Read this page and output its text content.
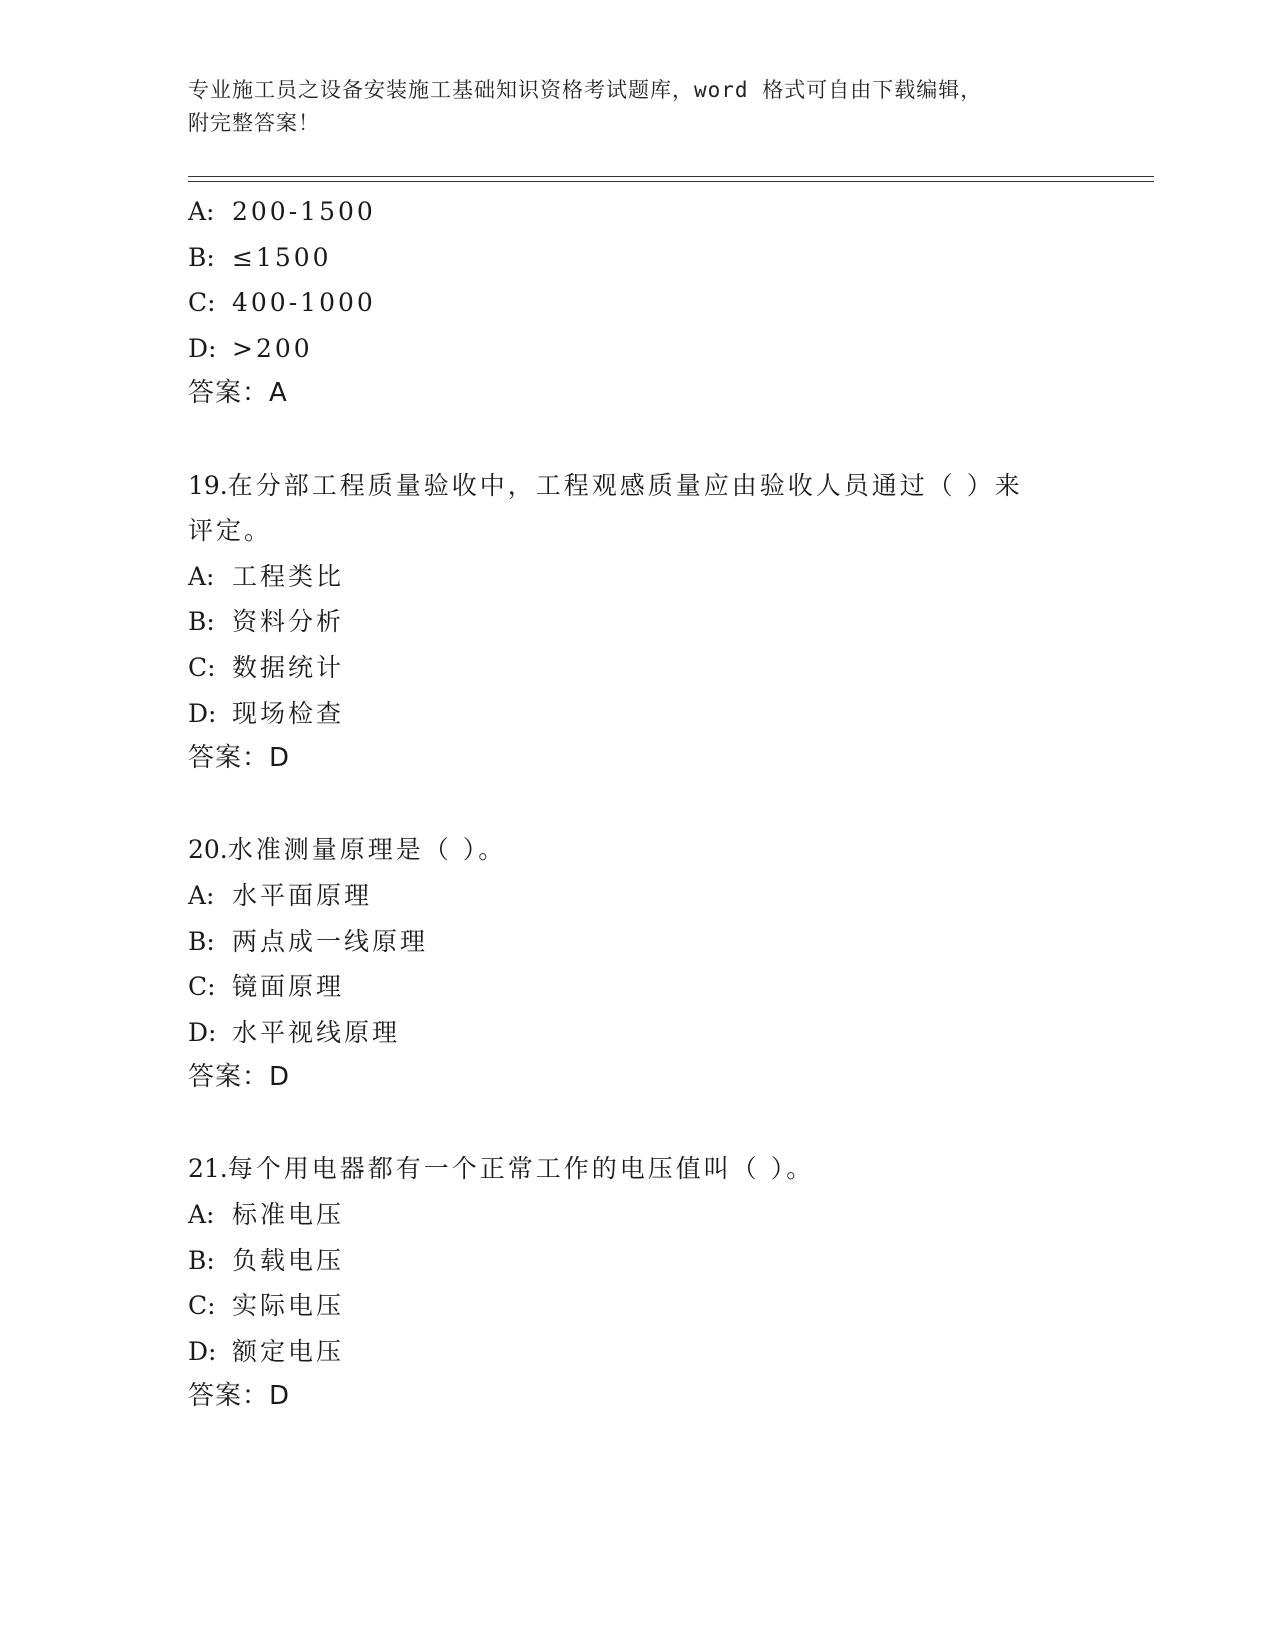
专业施工员之设备安装施工基础知识资格考试题库，word 格式可自由下载编辑，
附完整答案！
A: 200-1500
B: ≤1500
C: 400-1000
D: >200
答案：A
19.在分部工程质量验收中，工程观感质量应由验收人员通过（ ）来
评定。
A: 工程类比
B: 资料分析
C: 数据统计
D: 现场检查
答案：D
20.水准测量原理是（ ）。
A: 水平面原理
B: 两点成一线原理
C: 镜面原理
D: 水平视线原理
答案：D
21.每个用电器都有一个正常工作的电压值叫（ ）。
A: 标准电压
B: 负载电压
C: 实际电压
D: 额定电压
答案：D
